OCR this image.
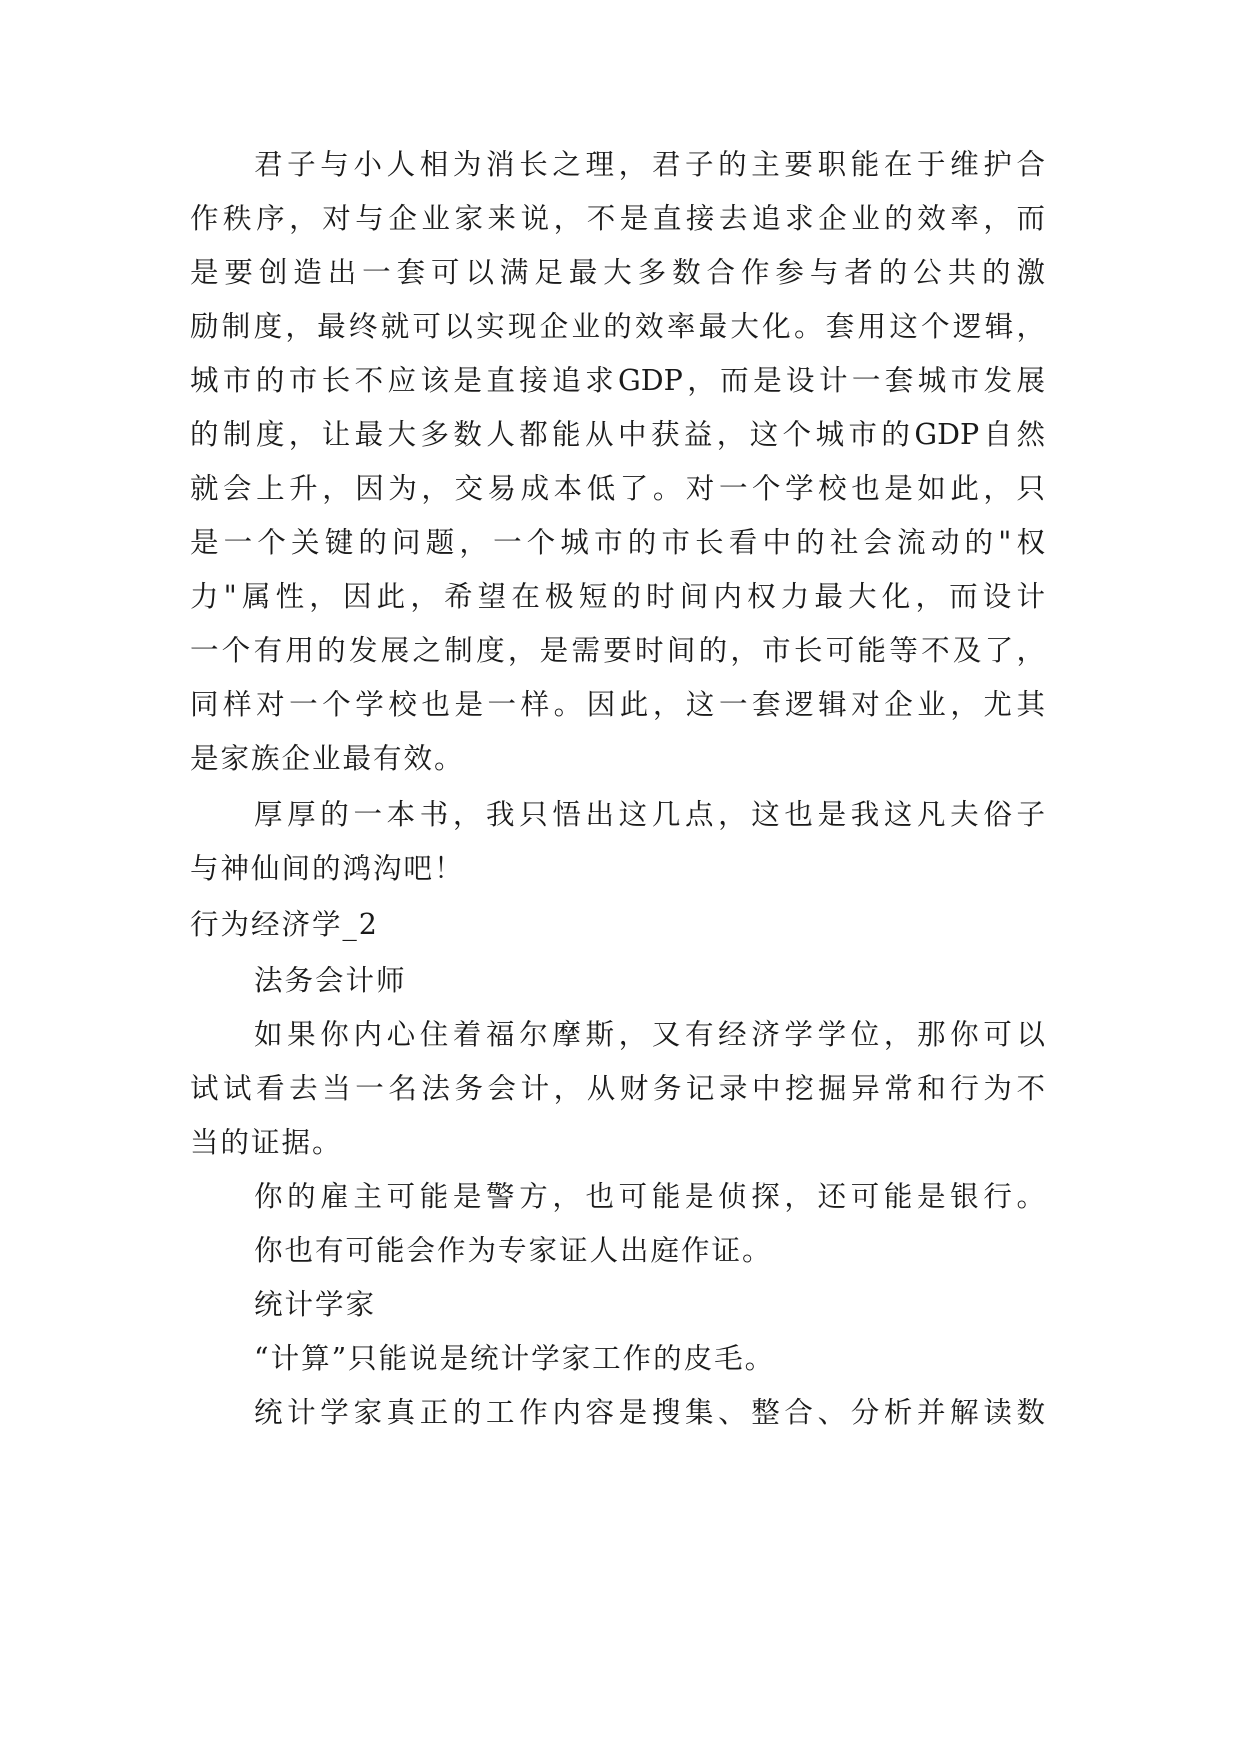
君子与小人相为消长之理，君子的主要职能在于维护合
作秩序，对与企业家来说，不是直接去追求企业的效率，而
是要创造出一套可以满足最大多数合作参与者的公共的激
励制度，最终就可以实现企业的效率最大化。套用这个逻辑，
城市的市长不应该是直接追求GDP，而是设计一套城市发展
的制度，让最大多数人都能从中获益，这个城市的GDP自然
就会上升，因为，交易成本低了。对一个学校也是如此，只
是一个关键的问题，一个城市的市长看中的社会流动的"权
力"属性，因此，希望在极短的时间内权力最大化，而设计
一个有用的发展之制度，是需要时间的，市长可能等不及了，
同样对一个学校也是一样。因此，这一套逻辑对企业，尤其
是家族企业最有效。
厚厚的一本书，我只悟出这几点，这也是我这凡夫俗子
与神仙间的鸿沟吧！
行为经济学_2
法务会计师
如果你内心住着福尔摩斯，又有经济学学位，那你可以
试试看去当一名法务会计，从财务记录中挖掘异常和行为不
当的证据。
你的雇主可能是警方，也可能是侦探，还可能是银行。
你也有可能会作为专家证人出庭作证。
统计学家
“计算”只能说是统计学家工作的皮毛。
统计学家真正的工作内容是搜集、整合、分析并解读数
